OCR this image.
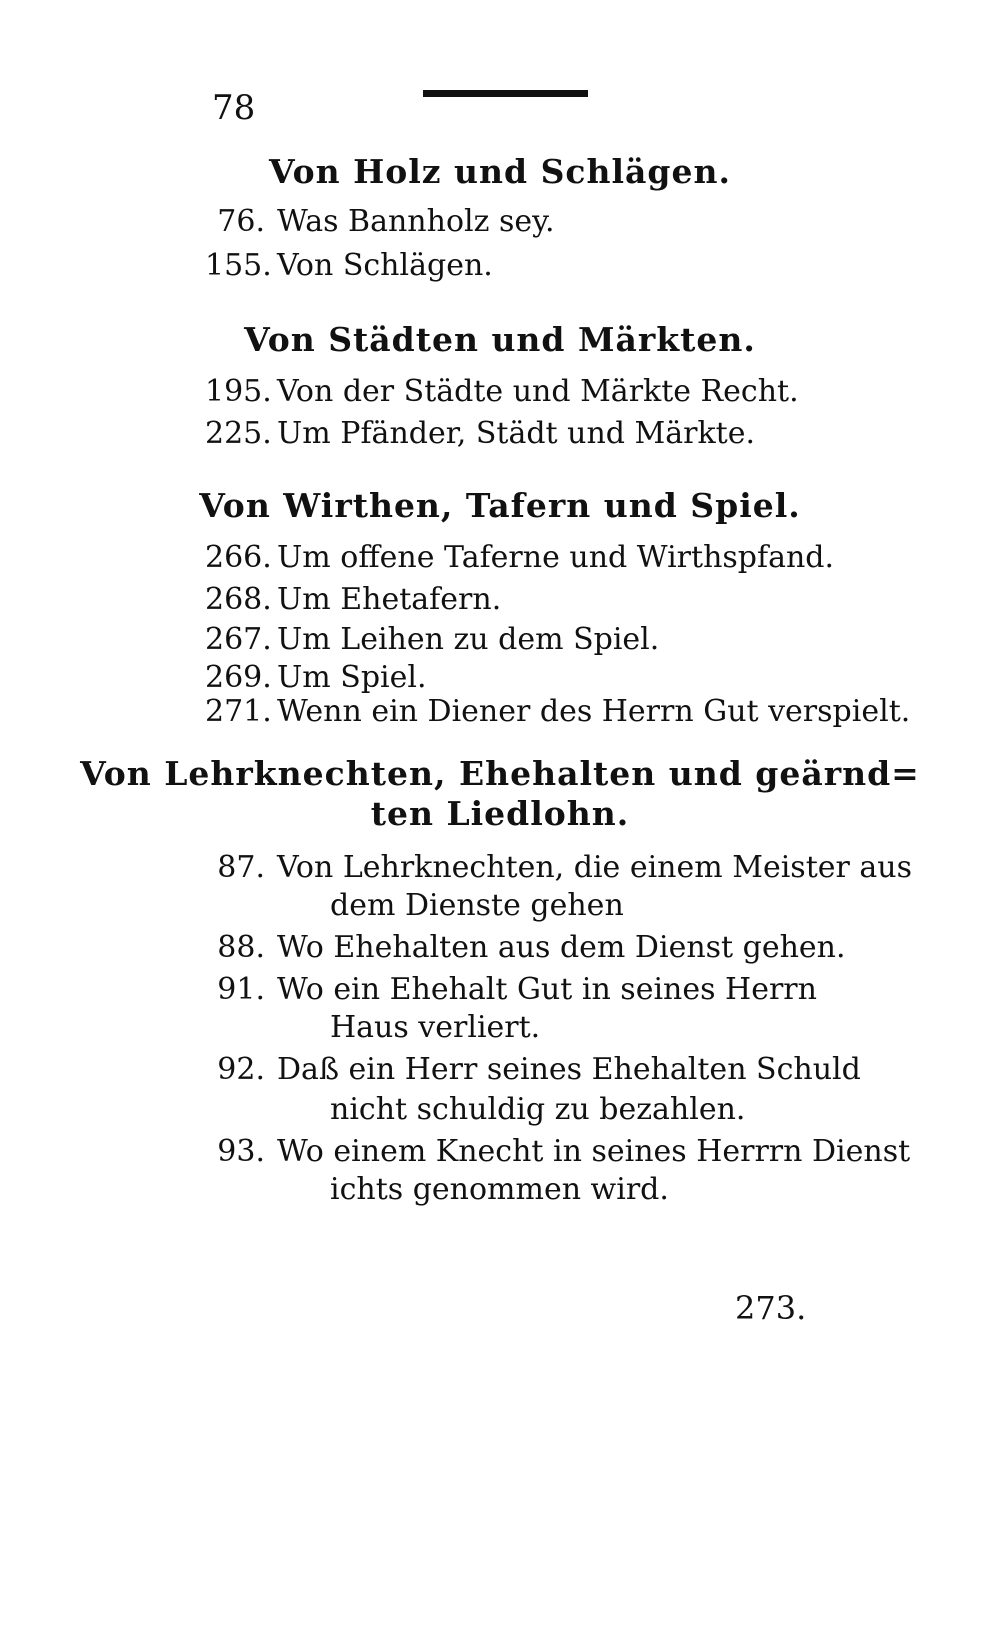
78
Von Holz und Schlägen.
76. Was Bannholz sey.
155. Von Schlägen.
Von Städten und Märkten.
195. Von der Städte und Märkte Recht.
225. Um Pfänder, Städt und Märkte.
Von Wirthen, Tafern und Spiel.
266. Um offene Taferne und Wirthspfand.
268. Um Ehetafern.
267. Um Leihen zu dem Spiel.
269. Um Spiel.
271. Wenn ein Diener des Herrn Gut verspielt.
Von Lehrknechten, Ehehalten und geärnd=
ten Liedlohn.
87. Von Lehrknechten, die einem Meister aus
dem Dienste gehen
88. Wo Ehehalten aus dem Dienst gehen.
91. Wo ein Ehehalt Gut in seines Herrn
Haus verliert.
92. Daß ein Herr seines Ehehalten Schuld
nicht schuldig zu bezahlen.
93. Wo einem Knecht in seines Herrrn Dienst
ichts genommen wird.
273.
